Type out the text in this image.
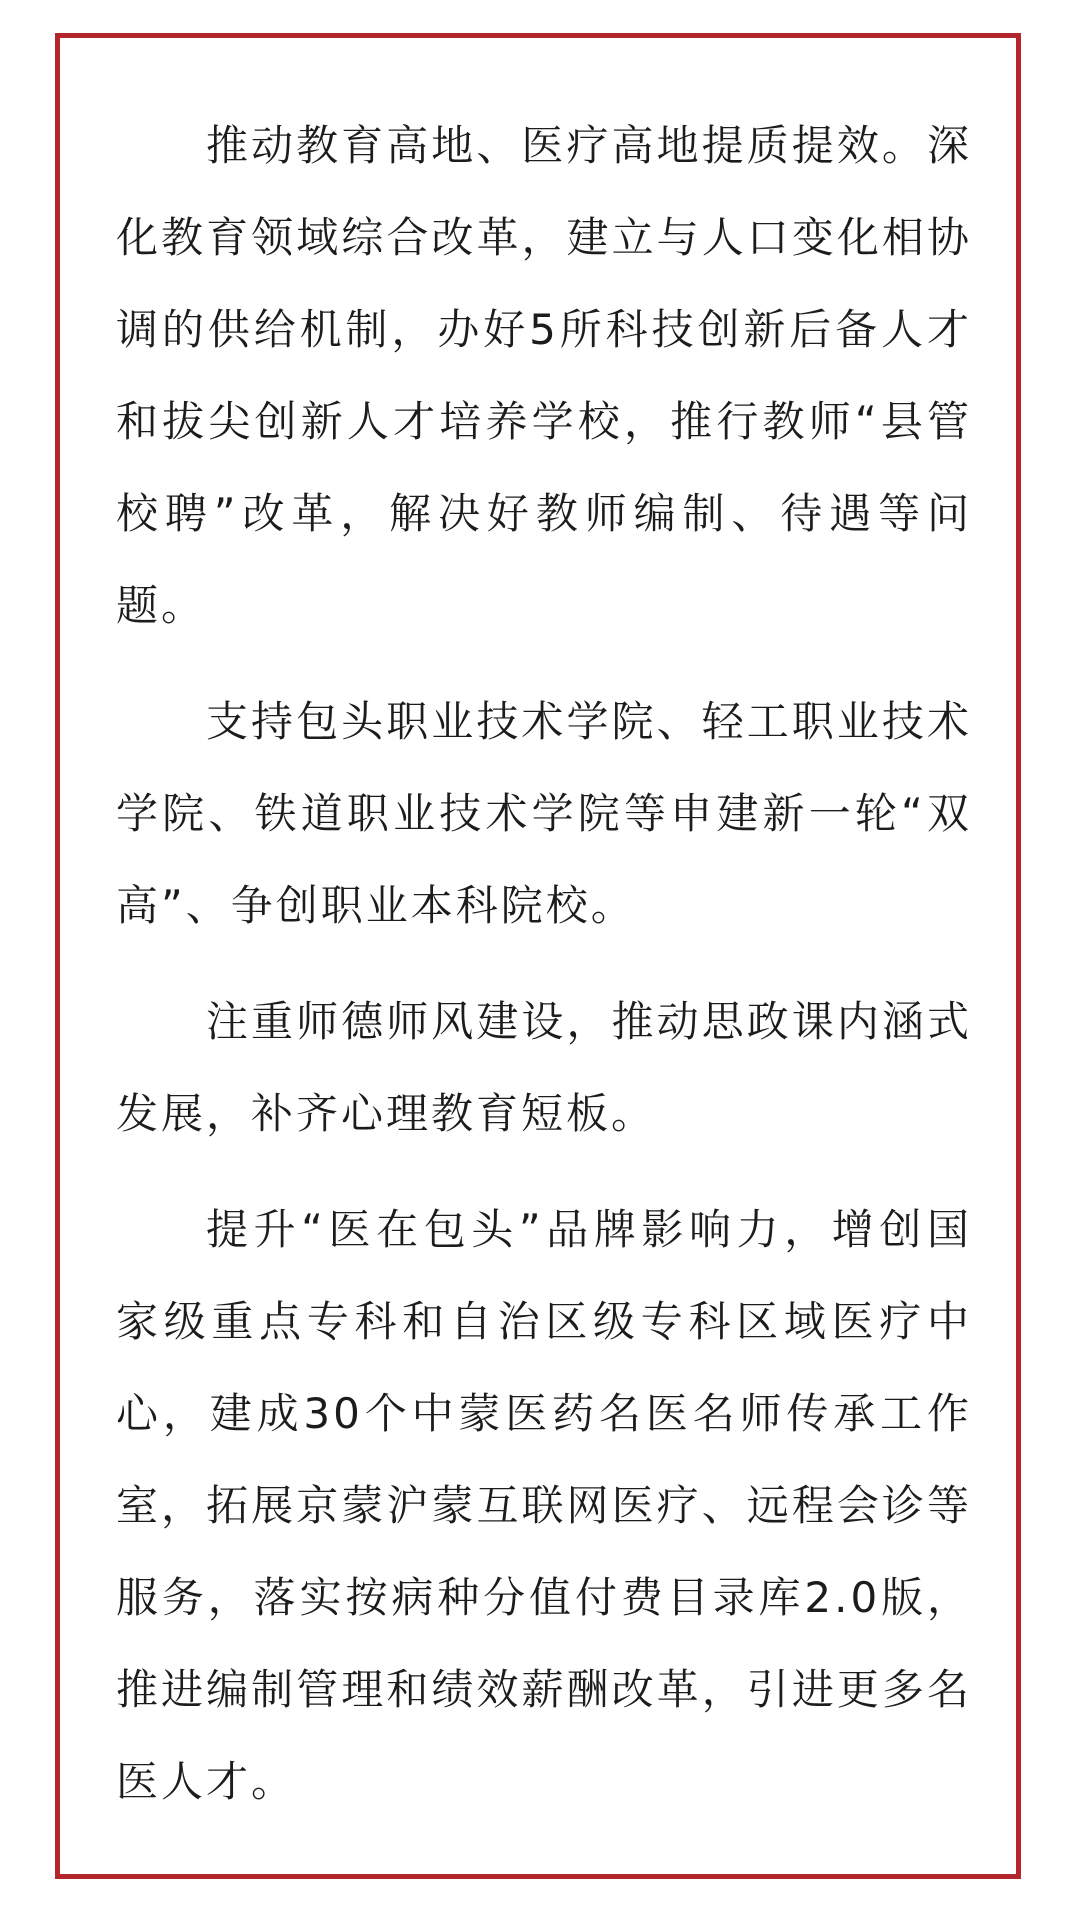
推动教育高地、医疗高地提质提效。深化教育领域综合改革，建立与人口变化相协调的供给机制，办好5所科技创新后备人才和拔尖创新人才培养学校，推行教师“县管校聘”改革，解决好教师编制、待遇等问题。

支持包头职业技术学院、轻工职业技术学院、铁道职业技术学院等申建新一轮“双高”、争创职业本科院校。

注重师德师风建设，推动思政课内涵式发展，补齐心理教育短板。

提升“医在包头”品牌影响力，增创国家级重点专科和自治区级专科区域医疗中心，建成30个中蒙医药名医名师传承工作室，拓展京蒙沪蒙互联网医疗、远程会诊等服务，落实按病种分值付费目录库2.0版，推进编制管理和绩效薪酬改革，引进更多名医人才。
